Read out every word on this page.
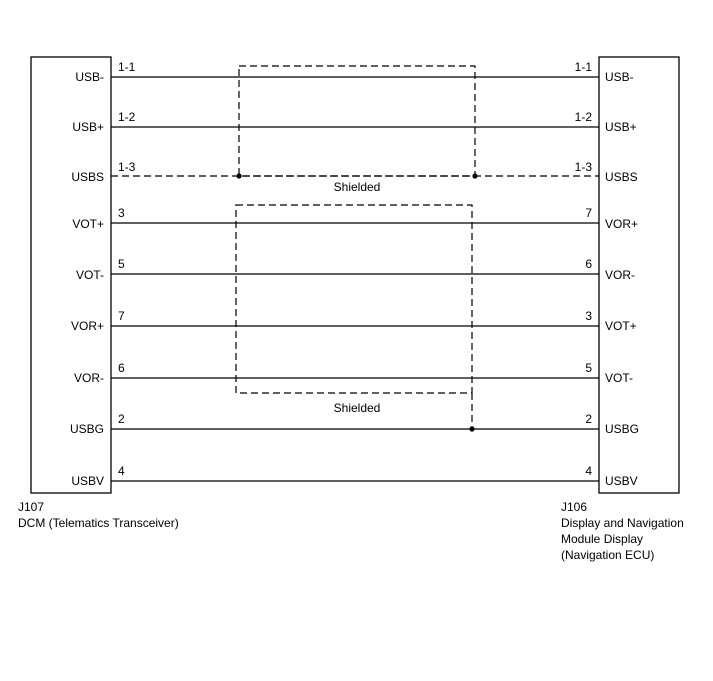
Shielded
Shielded
USB-
USB+
USBS
VOT+
VOT-
VOR+
VOR-
USBG
USBV
1-1
1-2
1-3
3
5
7
6
2
4
USB-
USB+
USBS
VOR+
VOR-
VOT+
VOT-
USBG
USBV
1-1
1-2
1-3
7
6
3
5
2
4
J107
DCM (Telematics Transceiver)
J106
Display and Navigation
Module Display
(Navigation ECU)
